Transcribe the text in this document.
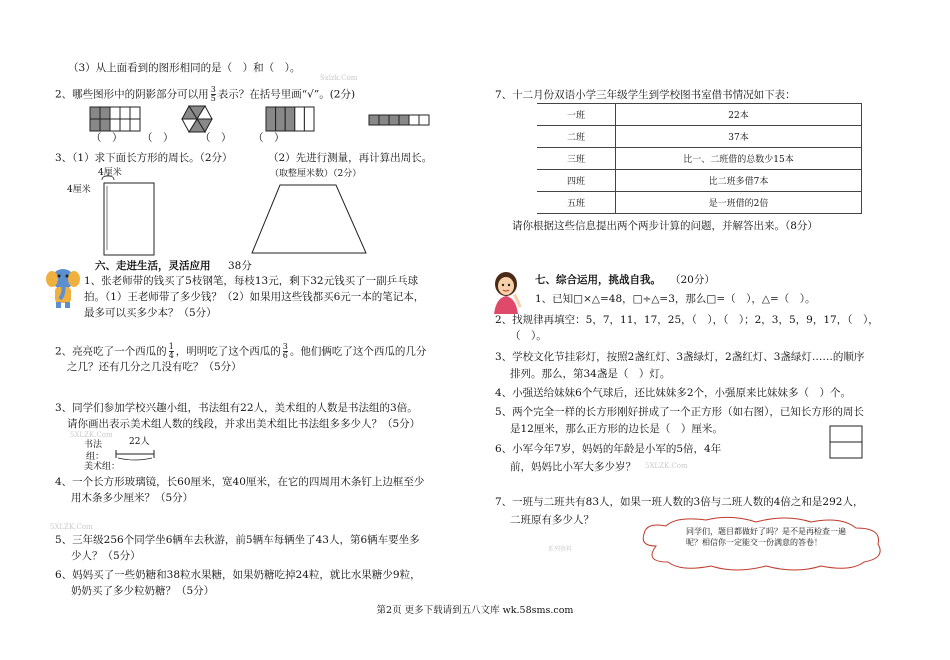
（3）从上面看到的图形相同的是（　）和（　）。
Sxlzk.Com
2、哪些图形中的阴影部分可以用 $\frac{3}{5}$ 表示？在括号里画“√”。(2分)
（　） （　）	（　） （　）
3、（1）求下面长方形的周长。（2分）	（2）先进行测量，再计算出周长。
4厘米
4厘米
（取整厘米数）（2分）
六、走进生活，灵活应用 38分
1、张老师带的钱买了5枝钢笔，每枝13元，剩下32元钱买了一副乒乓球
拍。（1）王老师带了多少钱？（2）如果用这些钱都买6元一本的笔记本，
最多可以买多少本？（5分）
2、亮亮吃了一个西瓜的 $\frac{1}{4}$ ，明明吃了这个西瓜的 $\frac{3}{6}$ 。他们俩吃了这个西瓜的几分
之几？还有几分之几没有吃？（5分）
3、同学们参加学校兴趣小组，书法组有22人，美术组的人数是书法组的3倍。
请你画出表示美术组人数的线段，并求出美术组比书法组多多少人？（5分）
5XLZK.Com
书法
组：
22人
美术组：
4、一个长方形玻璃镜，长60厘米，宽40厘米，在它的四周用木条钉上边框至少
用木条多少厘米？（5分）
5XLZK.Com
5、三年级256个同学坐6辆车去秋游，前5辆车每辆坐了43人，第6辆车要坐多
少人？（5分）
6、妈妈买了一些奶糖和38粒水果糖，如果奶糖吃掉24粒，就比水果糖少9粒，
奶奶买了多少粒奶糖？（5分）
7、十二月份双语小学三年级学生到学校图书室借书情况如下表：
一班	22本
二班	37本
三班	比一、二班借的总数少15本
四班	比二班多借7本
五班	是一班借的2倍
请你根据这些信息提出两个两步计算的问题，并解答出来。（8分）
七、综合运用，挑战自我。 （20分）
1、已知□×△=48，□÷△=3，那么□=（　），△=（　）。
2、找规律再填空：5，7，11，17，25，（　），（　）；2，3，5，9，17，（　），
（　）。
3、学校文化节挂彩灯，按照2盏红灯、3盏绿灯，2盏红灯、3盏绿灯……的顺序
排列。那么，第34盏是（　）灯。
4、小强送给妹妹6个气球后，还比妹妹多2个，小强原来比妹妹多（　）个。
5、两个完全一样的长方形刚好拼成了一个正方形（如右图），已知长方形的周长
是12厘米，那么正方形的边长是（　）厘米。
6、小军今年7岁，妈妈的年龄是小军的5倍，4年
前，妈妈比小军大多少岁？ 5XLZK.Com
7、一班与二班共有83人，如果一班人数的3倍与二班人数的4倍之和是292人，
二班原有多少人？
系列资料
同学们，题目都做好了吗？是不是再检查一遍呢？相信你一定能交一份满意的答卷！
第2页 更多下载请到五八文库 wk.58sms.com
